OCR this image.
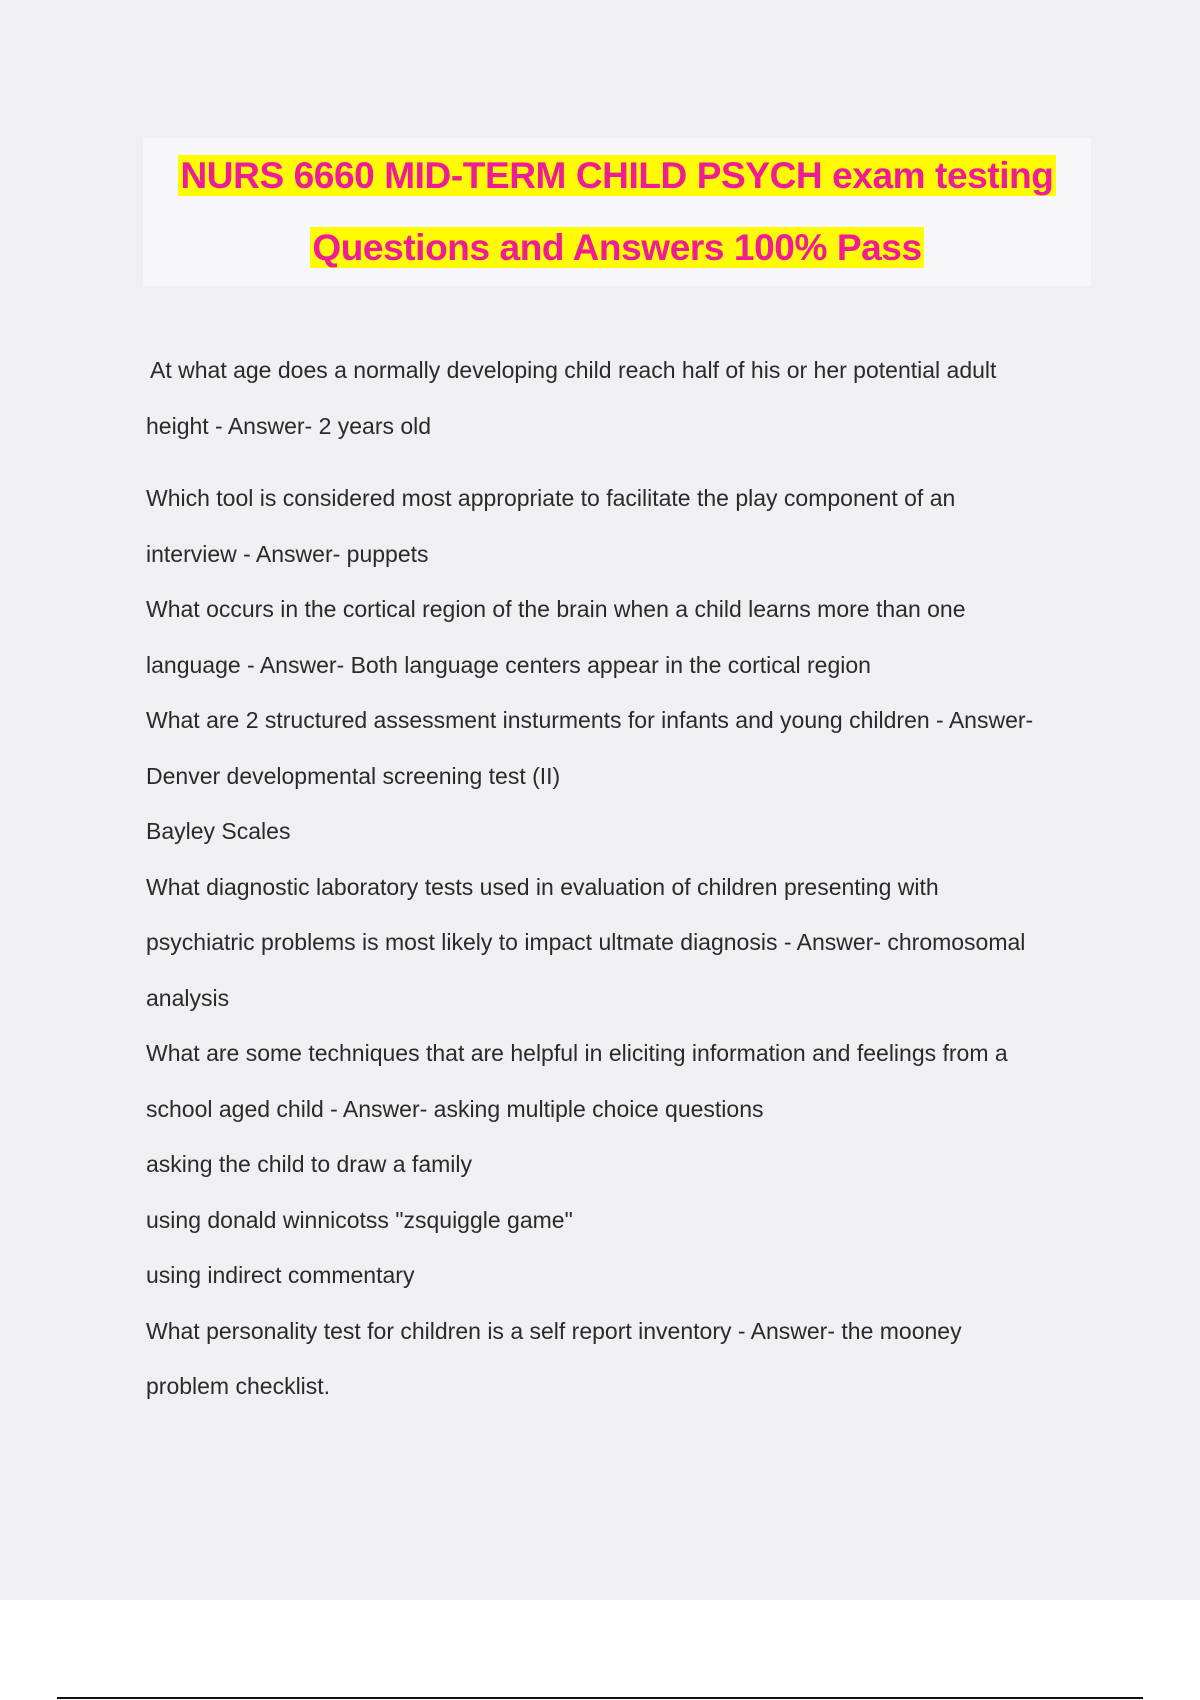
NURS 6660 MID-TERM CHILD PSYCH exam testing
Questions and Answers 100% Pass
At what age does a normally developing child reach half of his or her potential adult
height - Answer- 2 years old
Which tool is considered most appropriate to facilitate the play component of an
interview - Answer- puppets
What occurs in the cortical region of the brain when a child learns more than one
language - Answer- Both language centers appear in the cortical region
What are 2 structured assessment insturments for infants and young children - Answer-
Denver developmental screening test (II)
Bayley Scales
What diagnostic laboratory tests used in evaluation of children presenting with
psychiatric problems is most likely to impact ultmate diagnosis - Answer- chromosomal
analysis
What are some techniques that are helpful in eliciting information and feelings from a
school aged child - Answer- asking multiple choice questions
asking the child to draw a family
using donald winnicotss "zsquiggle game"
using indirect commentary
What personality test for children is a self report inventory - Answer- the mooney
problem checklist.
